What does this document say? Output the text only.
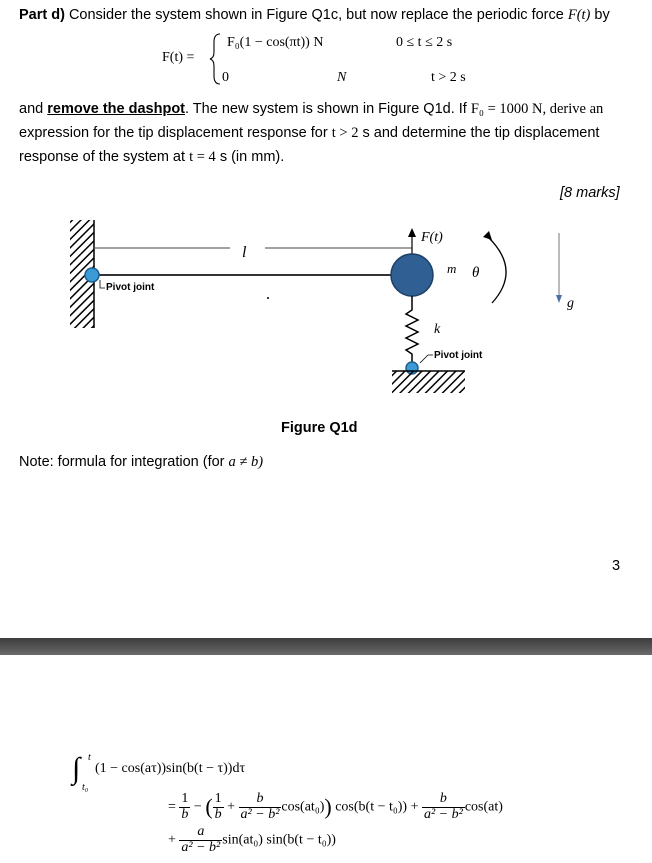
Part d) Consider the system shown in Figure Q1c, but now replace the periodic force F(t) by
F(t) =
F₀(1 − cos(πt)) N	0 ≤ t ≤ 2 s
0	N	t > 2 s
and remove the dashpot. The new system is shown in Figure Q1d. If F₀ = 1000 N, derive an
expression for the tip displacement response for t > 2 s and determine the tip displacement
response of the system at t = 4 s (in mm).
[8 marks]
l
Pivot joint
F(t)
m θ
k
Pivot joint
g
Figure Q1d
Note: formula for integration (for a ≠ b)
3
∫ t
t₀
(1 − cos(aτ))sin(b(t − τ))dτ
= $\frac{1}{b}$ − ( $\frac{1}{b} + \frac{b}{\text{a² − b²}} \cos(at_0)$) $\cos(b(t - t_0)) + \frac{b}{\text{a² − b²}} \cos(at)$
+ $\frac{a}{\text{a² − b²}} \sin(at_0) \sin(b(t - t_0))$
